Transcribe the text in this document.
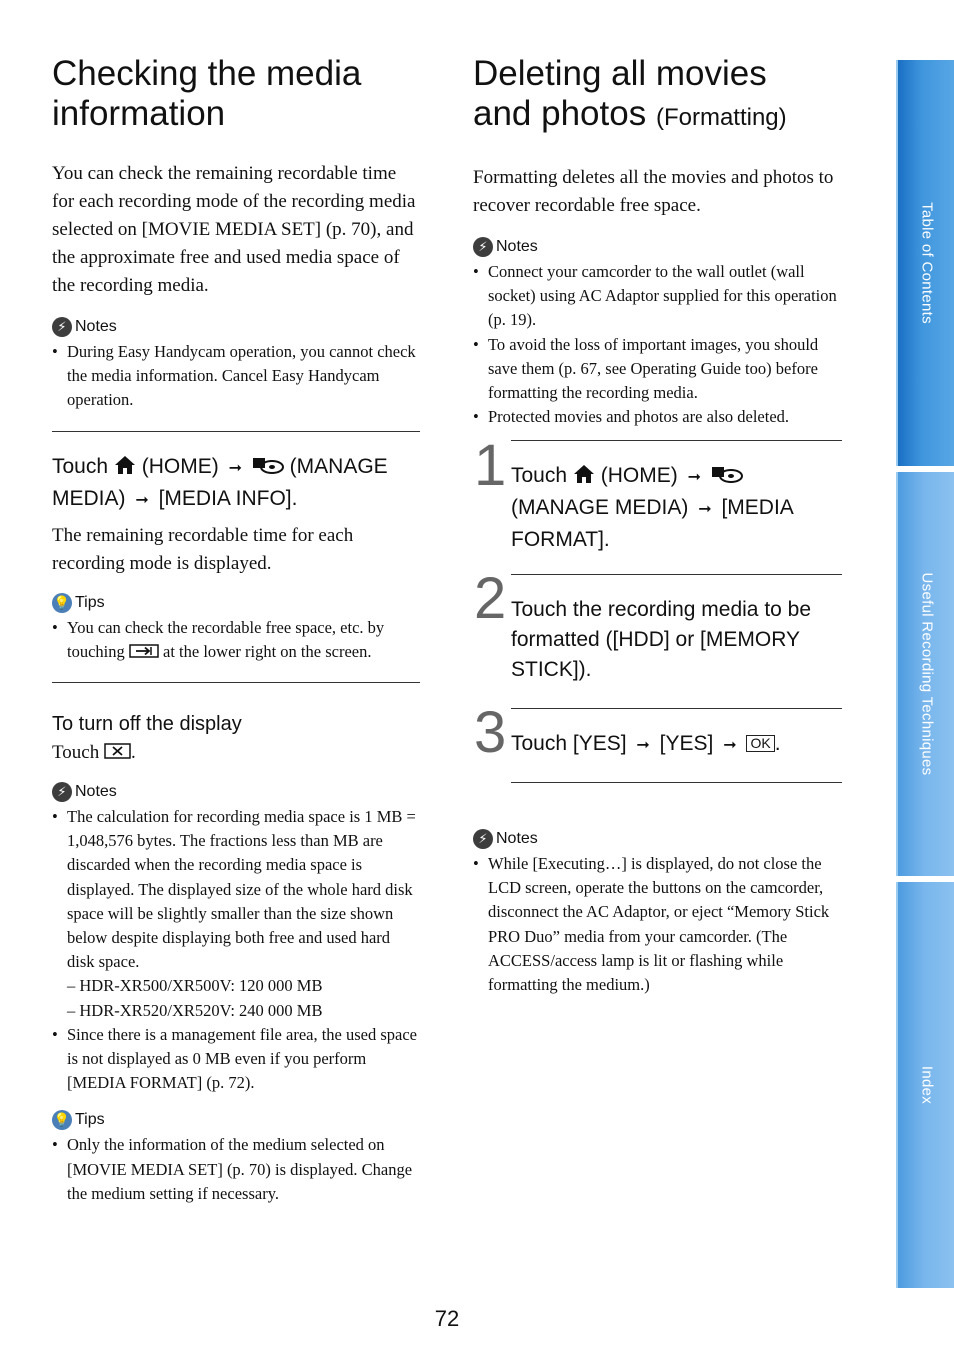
Checking the media
information

You can check the remaining recordable time for each recording mode of the recording media selected on [MOVIE MEDIA SET] (p. 70), and the approximate free and used media space of the recording media.

⚡ Notes
• During Easy Handycam operation, you cannot check the media information. Cancel Easy Handycam operation.
Touch (HOME) ➞ (MANAGE MEDIA) ➞ [MEDIA INFO].

The remaining recordable time for each recording mode is displayed.

💡 Tips
• You can check the recordable free space, etc. by touching at the lower right on the screen.
To turn off the display
Touch .
⚡ Notes
• The calculation for recording media space is 1 MB = 1,048,576 bytes. The fractions less than MB are discarded when the recording media space is displayed. The displayed size of the whole hard disk space will be slightly smaller than the size shown below despite displaying both free and used hard disk space.
– HDR-XR500/XR500V: 120 000 MB
– HDR-XR520/XR520V: 240 000 MB
• Since there is a management file area, the used space is not displayed as 0 MB even if you perform [MEDIA FORMAT] (p. 72).
💡 Tips
• Only the information of the medium selected on [MOVIE MEDIA SET] (p. 70) is displayed. Change the medium setting if necessary.
Deleting all movies
and photos (Formatting)

Formatting deletes all the movies and photos to recover recordable free space.

⚡ Notes
• Connect your camcorder to the wall outlet (wall socket) using AC Adaptor supplied for this operation (p. 19).
• To avoid the loss of important images, you should save them (p. 67, see Operating Guide too) before formatting the recording media.
• Protected movies and photos are also deleted.
1 Touch (HOME) ➞  (MANAGE MEDIA) ➞ [MEDIA FORMAT].
2 Touch the recording media to be formatted ([HDD] or [MEMORY STICK]).
3 Touch [YES] ➞ [YES] ➞ OK .
⚡ Notes
• While [Executing…] is displayed, do not close the LCD screen, operate the buttons on the camcorder, disconnect the AC Adaptor, or eject “Memory Stick PRO Duo” media from your camcorder. (The ACCESS/access lamp is lit or flashing while formatting the medium.)
Table of Contents
Useful Recording Techniques
Index
72
